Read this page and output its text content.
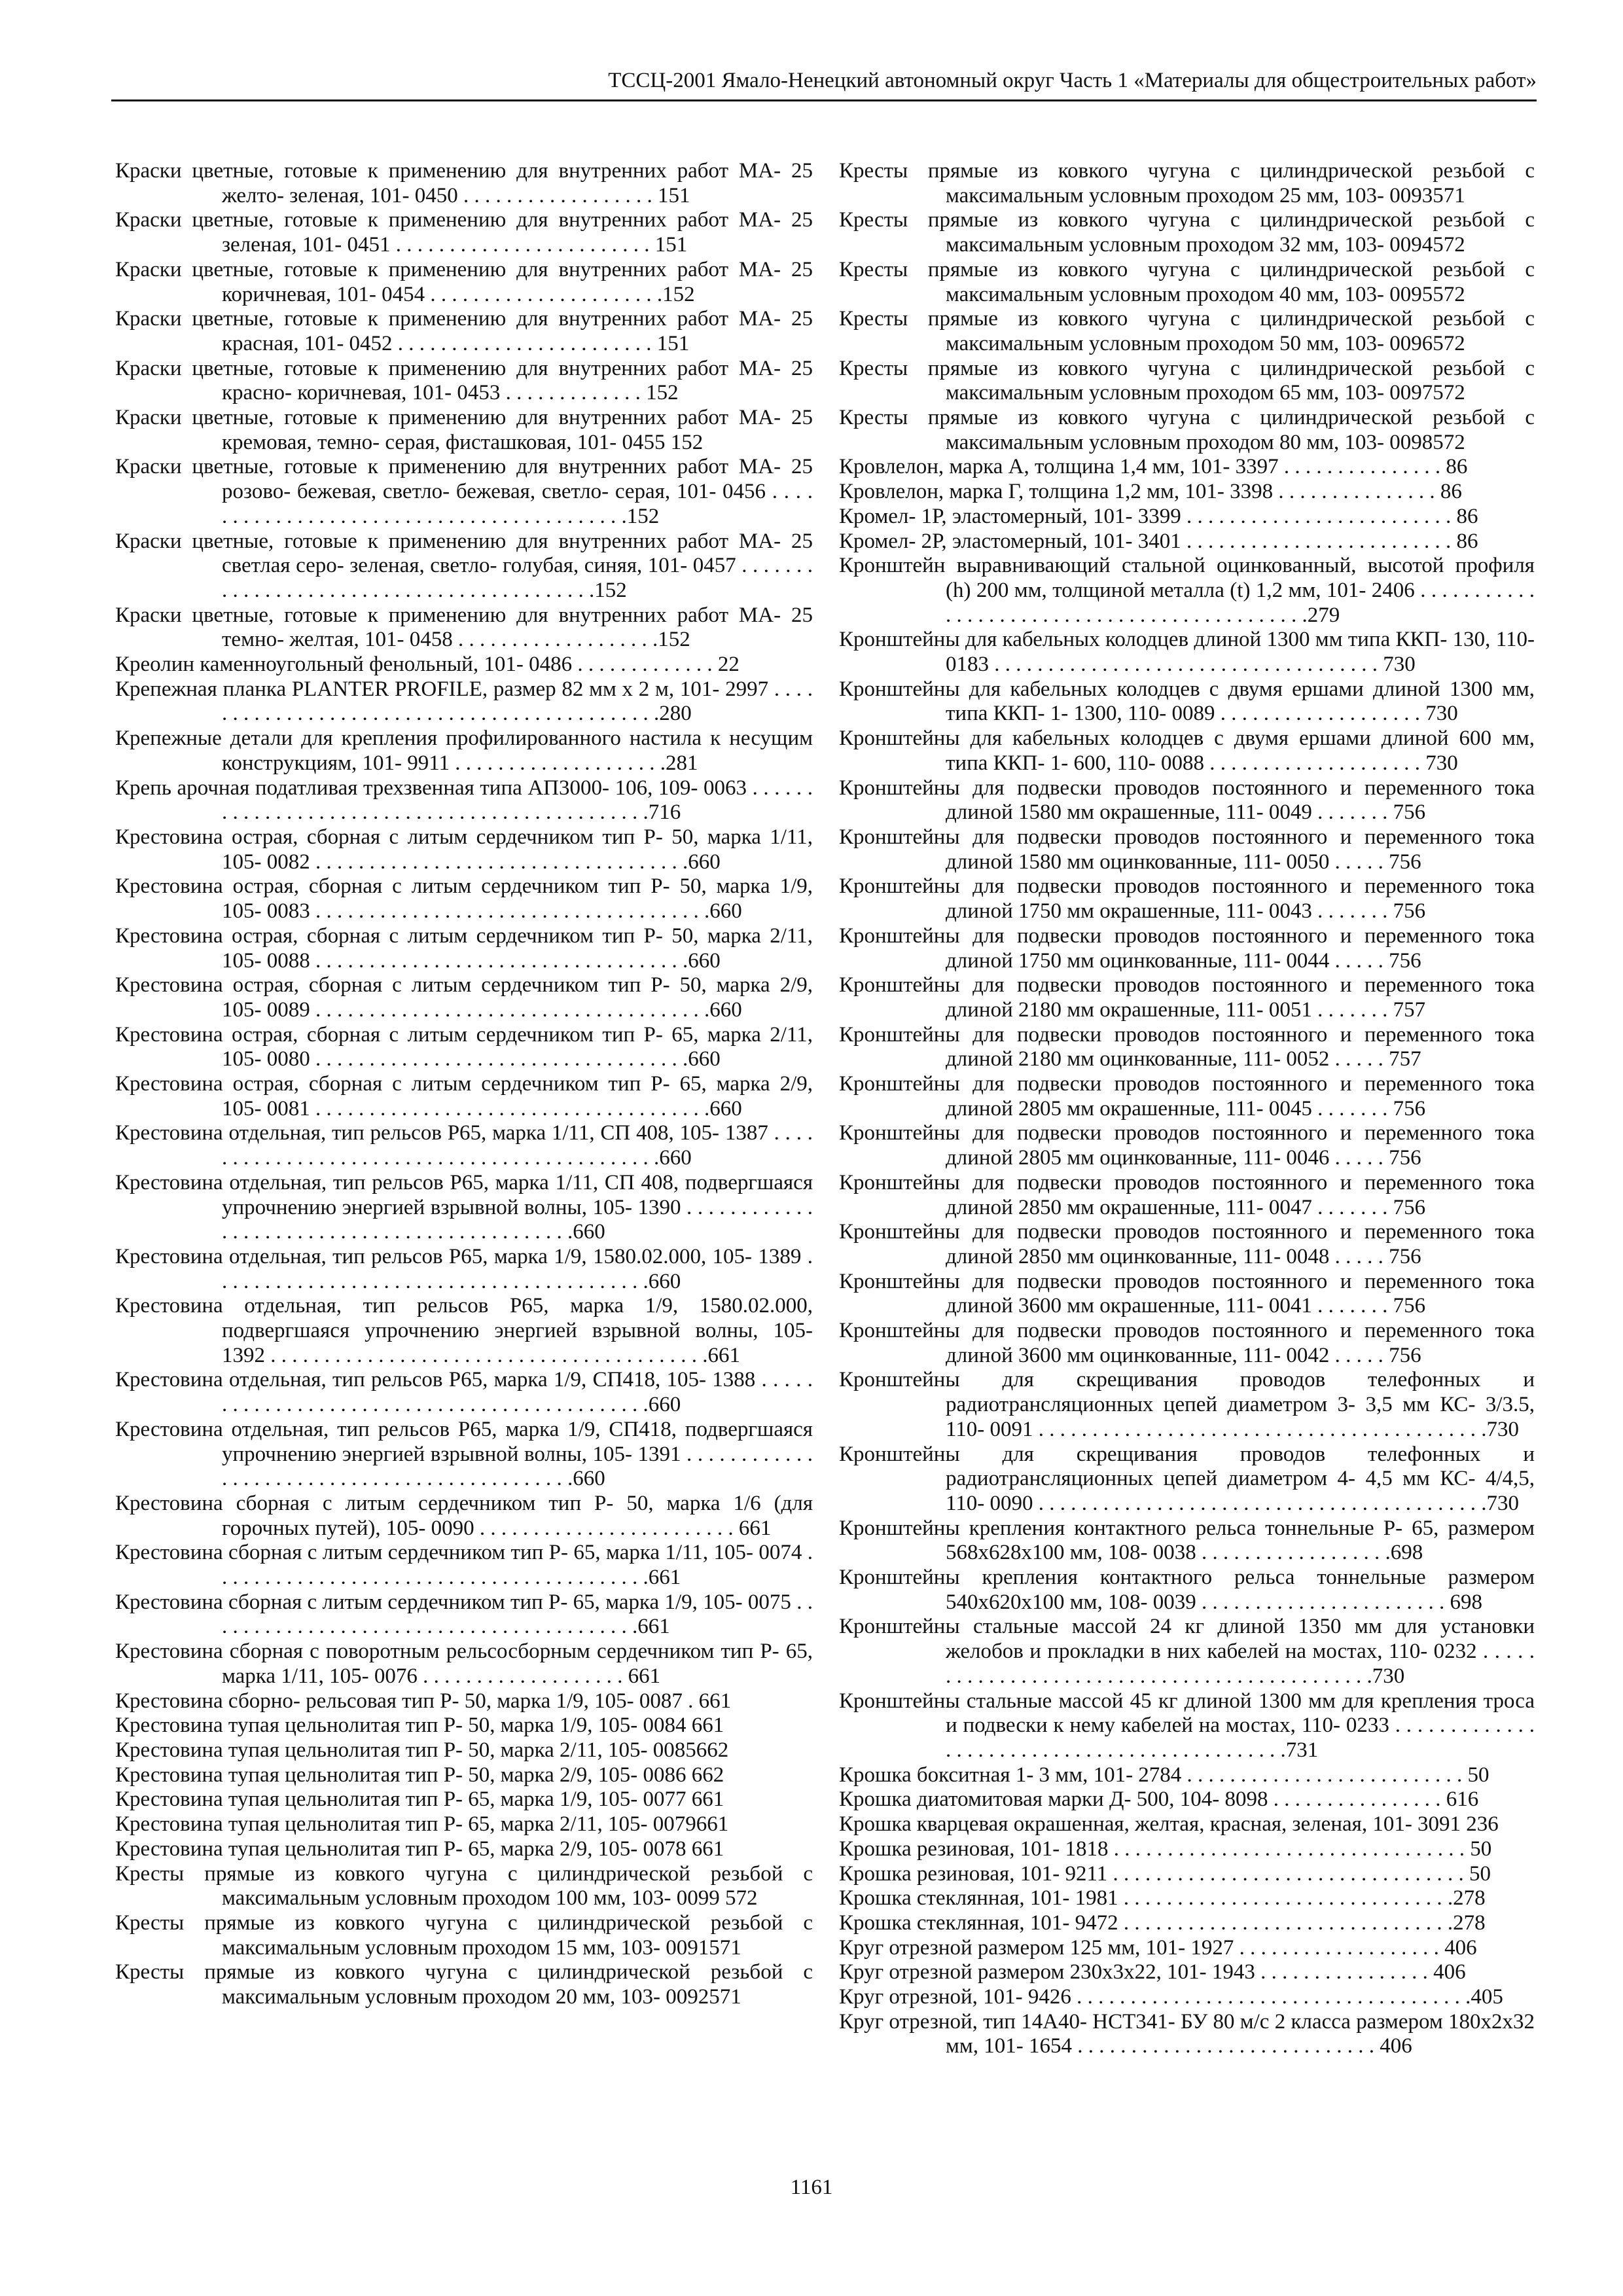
ТССЦ-2001 Ямало-Ненецкий автономный округ Часть 1 «Материалы для общестроительных работ»
Краски цветные, готовые к применению для внутренних работ МА- 25 желто- зеленая, 101- 0450 . . . . . . . . . . . . . . . . . . 151
Краски цветные, готовые к применению для внутренних работ МА- 25 зеленая, 101- 0451 . . . . . . . . . . . . . . . . . . . . . . . . 151
Краски цветные, готовые к применению для внутренних работ МА- 25 коричневая, 101- 0454 . . . . . . . . . . . . . . . . . . . . . .152
Краски цветные, готовые к применению для внутренних работ МА- 25 красная, 101- 0452 . . . . . . . . . . . . . . . . . . . . . . . . 151
Краски цветные, готовые к применению для внутренних работ МА- 25 красно- коричневая, 101- 0453 . . . . . . . . . . . . . 152
Краски цветные, готовые к применению для внутренних работ МА- 25 кремовая, темно- серая, фисташковая, 101- 0455 152
Краски цветные, готовые к применению для внутренних работ МА- 25 розово- бежевая, светло- бежевая, светло- серая, 101- 0456 . . . . . . . . . . . . . . . . . . . . . . . . . . . . . . . . . . . . . . . . . .152
Краски цветные, готовые к применению для внутренних работ МА- 25 светлая серо- зеленая, светло- голубая, синяя, 101- 0457 . . . . . . . . . . . . . . . . . . . . . . . . . . . . . . . . . . . . . . . . . .152
Краски цветные, готовые к применению для внутренних работ МА- 25 темно- желтая, 101- 0458 . . . . . . . . . . . . . . . . . . .152
Креолин каменноугольный фенольный, 101- 0486 . . . . . . . . . . . . . 22
Крепежная планка PLANTER PROFILE, размер 82 мм х 2 м, 101- 2997 . . . . . . . . . . . . . . . . . . . . . . . . . . . . . . . . . . . . . . . . . . . . .280
Крепежные детали для крепления профилированного настила к несущим конструкциям, 101- 9911 . . . . . . . . . . . . . . . . . . . .281
Крепь арочная податливая трехзвенная типа АП3000- 106, 109- 0063 . . . . . . . . . . . . . . . . . . . . . . . . . . . . . . . . . . . . . . . . . . . . . .716
Крестовина острая, сборная с литым сердечником тип Р- 50, марка 1/11, 105- 0082 . . . . . . . . . . . . . . . . . . . . . . . . . . . . . . . . . . .660
Крестовина острая, сборная с литым сердечником тип Р- 50, марка 1/9, 105- 0083 . . . . . . . . . . . . . . . . . . . . . . . . . . . . . . . . . . . . .660
Крестовина острая, сборная с литым сердечником тип Р- 50, марка 2/11, 105- 0088 . . . . . . . . . . . . . . . . . . . . . . . . . . . . . . . . . . .660
Крестовина острая, сборная с литым сердечником тип Р- 50, марка 2/9, 105- 0089 . . . . . . . . . . . . . . . . . . . . . . . . . . . . . . . . . . . . .660
Крестовина острая, сборная с литым сердечником тип Р- 65, марка 2/11, 105- 0080 . . . . . . . . . . . . . . . . . . . . . . . . . . . . . . . . . . .660
Крестовина острая, сборная с литым сердечником тип Р- 65, марка 2/9, 105- 0081 . . . . . . . . . . . . . . . . . . . . . . . . . . . . . . . . . . . . .660
Крестовина отдельная, тип рельсов Р65, марка 1/11, СП 408, 105- 1387 . . . . . . . . . . . . . . . . . . . . . . . . . . . . . . . . . . . . . . . . . . . . .660
Крестовина отдельная, тип рельсов Р65, марка 1/11, СП 408, подвергшаяся упрочнению энергией взрывной волны, 105- 1390 . . . . . . . . . . . . . . . . . . . . . . . . . . . . . . . . . . . . . . . . . . . . .660
Крестовина отдельная, тип рельсов Р65, марка 1/9, 1580.02.000, 105- 1389 . . . . . . . . . . . . . . . . . . . . . . . . . . . . . . . . . . . . . . . . .660
Крестовина отдельная, тип рельсов Р65, марка 1/9, 1580.02.000, подвергшаяся упрочнению энергией взрывной волны, 105- 1392 . . . . . . . . . . . . . . . . . . . . . . . . . . . . . . . . . . . . . . . . .661
Крестовина отдельная, тип рельсов Р65, марка 1/9, СП418, 105- 1388 . . . . . . . . . . . . . . . . . . . . . . . . . . . . . . . . . . . . . . . . . . . . .660
Крестовина отдельная, тип рельсов Р65, марка 1/9, СП418, подвергшаяся упрочнению энергией взрывной волны, 105- 1391 . . . . . . . . . . . . . . . . . . . . . . . . . . . . . . . . . . . . . . . . . . . . .660
Крестовина сборная с литым сердечником тип Р- 50, марка 1/6 (для горочных путей), 105- 0090 . . . . . . . . . . . . . . . . . . . . . . . . 661
Крестовина сборная с литым сердечником тип Р- 65, марка 1/11, 105- 0074 . . . . . . . . . . . . . . . . . . . . . . . . . . . . . . . . . . . . . . . . .661
Крестовина сборная с литым сердечником тип Р- 65, марка 1/9, 105- 0075 . . . . . . . . . . . . . . . . . . . . . . . . . . . . . . . . . . . . . . . . .661
Крестовина сборная с поворотным рельсосборным сердечником тип Р- 65, марка 1/11, 105- 0076 . . . . . . . . . . . . . . . . . . . 661
Крестовина сборно- рельсовая тип Р- 50, марка 1/9, 105- 0087 . 661
Крестовина тупая цельнолитая тип Р- 50, марка 1/9, 105- 0084 661
Крестовина тупая цельнолитая тип Р- 50, марка 2/11, 105- 0085662
Крестовина тупая цельнолитая тип Р- 50, марка 2/9, 105- 0086 662
Крестовина тупая цельнолитая тип Р- 65, марка 1/9, 105- 0077 661
Крестовина тупая цельнолитая тип Р- 65, марка 2/11, 105- 0079661
Крестовина тупая цельнолитая тип Р- 65, марка 2/9, 105- 0078 661
Кресты прямые из ковкого чугуна с цилиндрической резьбой с максимальным условным проходом 100 мм, 103- 0099 572
Кресты прямые из ковкого чугуна с цилиндрической резьбой с максимальным условным проходом 15 мм, 103- 0091571
Кресты прямые из ковкого чугуна с цилиндрической резьбой с максимальным условным проходом 20 мм, 103- 0092571
Кресты прямые из ковкого чугуна с цилиндрической резьбой с максимальным условным проходом 25 мм, 103- 0093571
Кресты прямые из ковкого чугуна с цилиндрической резьбой с максимальным условным проходом 32 мм, 103- 0094572
Кресты прямые из ковкого чугуна с цилиндрической резьбой с максимальным условным проходом 40 мм, 103- 0095572
Кресты прямые из ковкого чугуна с цилиндрической резьбой с максимальным условным проходом 50 мм, 103- 0096572
Кресты прямые из ковкого чугуна с цилиндрической резьбой с максимальным условным проходом 65 мм, 103- 0097572
Кресты прямые из ковкого чугуна с цилиндрической резьбой с максимальным условным проходом 80 мм, 103- 0098572
Кровлелон, марка А, толщина 1,4 мм, 101- 3397 . . . . . . . . . . . . . . . 86
Кровлелон, марка Г, толщина 1,2 мм, 101- 3398 . . . . . . . . . . . . . . . 86
Кромел- 1Р, эластомерный, 101- 3399 . . . . . . . . . . . . . . . . . . . . . . . . . 86
Кромел- 2Р, эластомерный, 101- 3401 . . . . . . . . . . . . . . . . . . . . . . . . . 86
Кронштейн выравнивающий стальной оцинкованный, высотой профиля (h) 200 мм, толщиной металла (t) 1,2 мм, 101- 2406 . . . . . . . . . . . . . . . . . . . . . . . . . . . . . . . . . . . . . . . . . . . . .279
Кронштейны для кабельных колодцев длиной 1300 мм типа ККП- 130, 110- 0183 . . . . . . . . . . . . . . . . . . . . . . . . . . . . . . . . . . . . 730
Кронштейны для кабельных колодцев с двумя ершами длиной 1300 мм, типа ККП- 1- 1300, 110- 0089 . . . . . . . . . . . . . . . . . . . 730
Кронштейны для кабельных колодцев с двумя ершами длиной 600 мм, типа ККП- 1- 600, 110- 0088 . . . . . . . . . . . . . . . . . . . . 730
Кронштейны для подвески проводов постоянного и переменного тока длиной 1580 мм окрашенные, 111- 0049 . . . . . . . 756
Кронштейны для подвески проводов постоянного и переменного тока длиной 1580 мм оцинкованные, 111- 0050 . . . . . 756
Кронштейны для подвески проводов постоянного и переменного тока длиной 1750 мм окрашенные, 111- 0043 . . . . . . . 756
Кронштейны для подвески проводов постоянного и переменного тока длиной 1750 мм оцинкованные, 111- 0044 . . . . . 756
Кронштейны для подвески проводов постоянного и переменного тока длиной 2180 мм окрашенные, 111- 0051 . . . . . . . 757
Кронштейны для подвески проводов постоянного и переменного тока длиной 2180 мм оцинкованные, 111- 0052 . . . . . 757
Кронштейны для подвески проводов постоянного и переменного тока длиной 2805 мм окрашенные, 111- 0045 . . . . . . . 756
Кронштейны для подвески проводов постоянного и переменного тока длиной 2805 мм оцинкованные, 111- 0046 . . . . . 756
Кронштейны для подвески проводов постоянного и переменного тока длиной 2850 мм окрашенные, 111- 0047 . . . . . . . 756
Кронштейны для подвески проводов постоянного и переменного тока длиной 2850 мм оцинкованные, 111- 0048 . . . . . 756
Кронштейны для подвески проводов постоянного и переменного тока длиной 3600 мм окрашенные, 111- 0041 . . . . . . . 756
Кронштейны для подвески проводов постоянного и переменного тока длиной 3600 мм оцинкованные, 111- 0042 . . . . . 756
Кронштейны для скрещивания проводов телефонных и радиотрансляционных цепей диаметром 3- 3,5 мм КС- 3/3.5, 110- 0091 . . . . . . . . . . . . . . . . . . . . . . . . . . . . . . . . . . . . . . . . . .730
Кронштейны для скрещивания проводов телефонных и радиотрансляционных цепей диаметром 4- 4,5 мм КС- 4/4,5, 110- 0090 . . . . . . . . . . . . . . . . . . . . . . . . . . . . . . . . . . . . . . . . . .730
Кронштейны крепления контактного рельса тоннельные Р- 65, размером 568х628х100 мм, 108- 0038 . . . . . . . . . . . . . . . . . .698
Кронштейны крепления контактного рельса тоннельные размером 540х620х100 мм, 108- 0039 . . . . . . . . . . . . . . . . . . . . . . . 698
Кронштейны стальные массой 24 кг длиной 1350 мм для установки желобов и прокладки в них кабелей на мостах, 110- 0232 . . . . . . . . . . . . . . . . . . . . . . . . . . . . . . . . . . . . . . . . . . . . .730
Кронштейны стальные массой 45 кг длиной 1300 мм для крепления троса и подвески к нему кабелей на мостах, 110- 0233 . . . . . . . . . . . . . . . . . . . . . . . . . . . . . . . . . . . . . . . . . . . . .731
Крошка бокситная 1- 3 мм, 101- 2784 . . . . . . . . . . . . . . . . . . . . . . . . . . 50
Крошка диатомитовая марки Д- 500, 104- 8098 . . . . . . . . . . . . . . . . 616
Крошка кварцевая окрашенная, желтая, красная, зеленая, 101- 3091 236
Крошка резиновая, 101- 1818 . . . . . . . . . . . . . . . . . . . . . . . . . . . . . . . . . 50
Крошка резиновая, 101- 9211 . . . . . . . . . . . . . . . . . . . . . . . . . . . . . . . . . 50
Крошка стеклянная, 101- 1981 . . . . . . . . . . . . . . . . . . . . . . . . . . . . . . .278
Крошка стеклянная, 101- 9472 . . . . . . . . . . . . . . . . . . . . . . . . . . . . . . .278
Круг отрезной размером 125 мм, 101- 1927 . . . . . . . . . . . . . . . . . . . 406
Круг отрезной размером 230х3х22, 101- 1943 . . . . . . . . . . . . . . . . 406
Круг отрезной, 101- 9426 . . . . . . . . . . . . . . . . . . . . . . . . . . . . . . . . . . . . .405
Круг отрезной, тип 14А40- НСТ341- БУ 80 м/с 2 класса размером 180х2х32 мм, 101- 1654 . . . . . . . . . . . . . . . . . . . . . . . . . . . . 406
1161
